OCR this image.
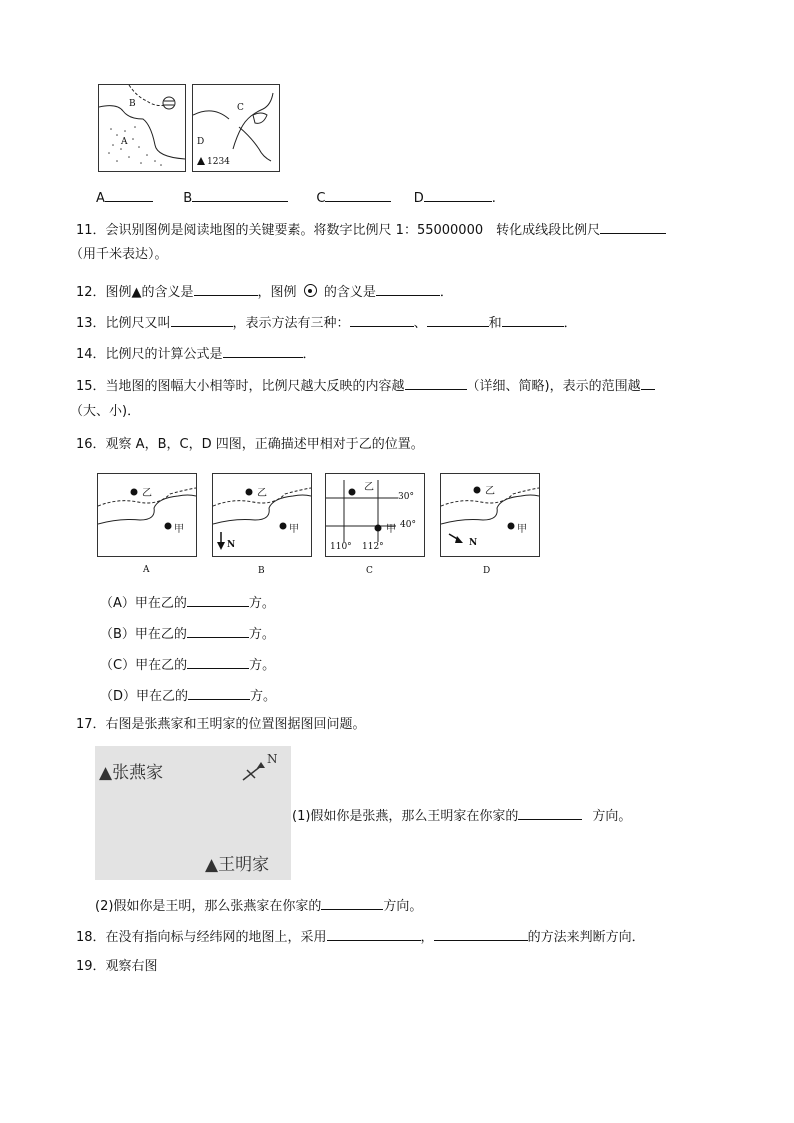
B
A
C
D
1234
A	B	C	D	.
11．会识别图例是阅读地图的关键要素。将数字比例尺 1：55000000　转化成线段比例尺
（用千米表达）。
12．图例▲的含义是	，图例 的含义是	．
13．比例尺又叫	，表示方法有三种：	、	和	．
14．比例尺的计算公式是	．
15．当地图的图幅大小相等时，比例尺越大反映的内容越	（详细、简略)，表示的范围越
（大、小)．
16．观察 A，B，C，D 四图，正确描述甲相对于乙的位置。
乙
甲
乙
甲
N
乙
30°
甲 40°
110° 112°
乙
甲
N
A	B	C	D
（A）甲在乙的	方。
（B）甲在乙的	方。
（C）甲在乙的	方。
（D）甲在乙的	方。
17．右图是张燕家和王明家的位置图据图回问题。
▲张燕家
▲王明家
N
(1)假如你是张燕，那么王明家在你家的	方向。
(2)假如你是王明，那么张燕家在你家的	方向。
18．在没有指向标与经纬网的地图上，采用	，	的方法来判断方向．
19．观察右图
